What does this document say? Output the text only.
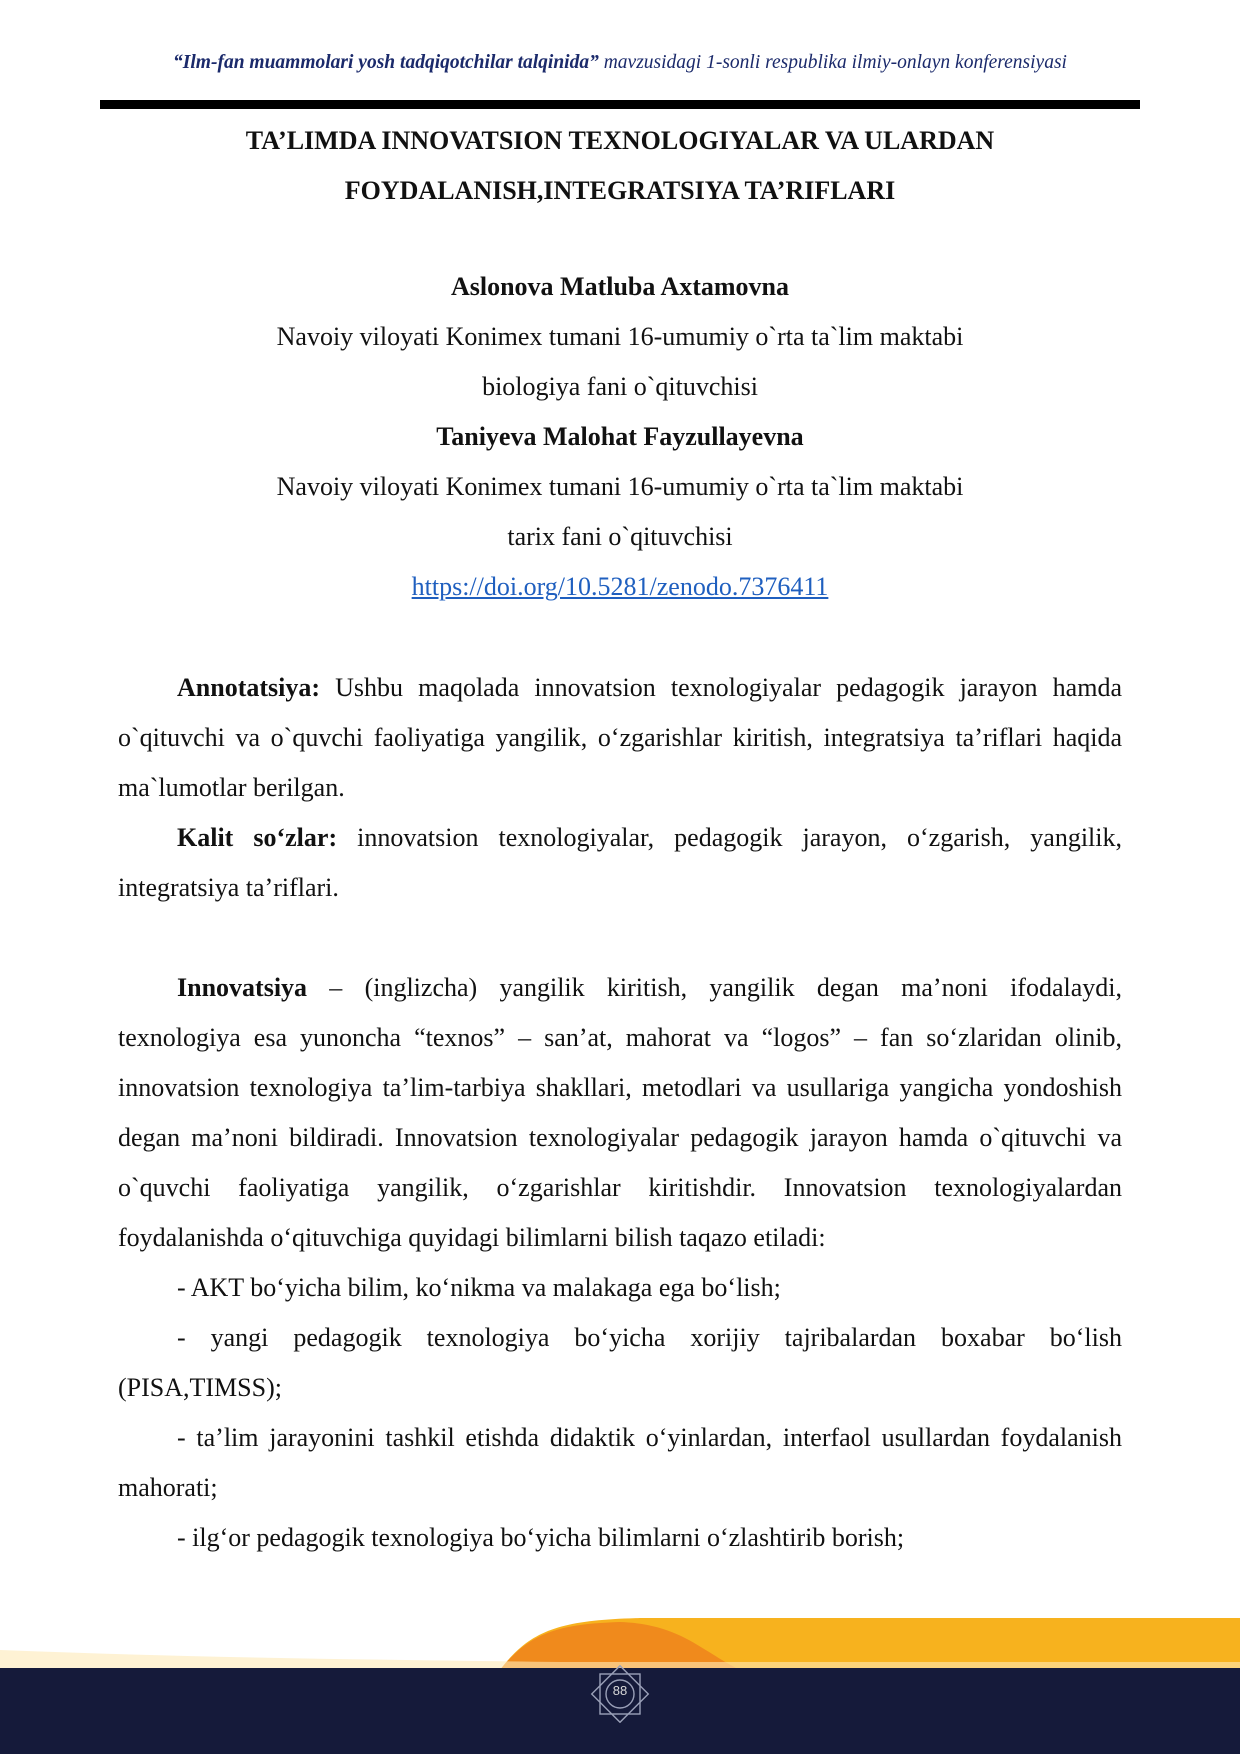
“Ilm-fan muammolari yosh tadqiqotchilar talqinida” mavzusidagi 1-sonli respublika ilmiy-onlayn konferensiyasi
TA’LIMDA INNOVATSION TEXNOLOGIYALAR VA ULARDAN
FOYDALANISH,INTEGRATSIYA TA’RIFLARI
Aslonova Matluba Axtamovna
Navoiy viloyati Konimex tumani 16-umumiy o`rta ta`lim maktabi
biologiya fani o`qituvchisi
Taniyeva Malohat Fayzullayevna
Navoiy viloyati Konimex tumani 16-umumiy o`rta ta`lim maktabi
tarix fani o`qituvchisi
https://doi.org/10.5281/zenodo.7376411

Annotatsiya: Ushbu maqolada innovatsion texnologiyalar pedagogik jarayon hamda o`qituvchi va o`quvchi faoliyatiga yangilik, o‘zgarishlar kiritish, integratsiya ta’riflari haqida ma`lumotlar berilgan.

Kalit so‘zlar: innovatsion texnologiyalar, pedagogik jarayon, o‘zgarish, yangilik, integratsiya ta’riflari.

Innovatsiya – (inglizcha) yangilik kiritish, yangilik degan ma’noni ifodalaydi, texnologiya esa yunoncha “texnos” – san’at, mahorat va “logos” – fan so‘zlaridan olinib, innovatsion texnologiya ta’lim-tarbiya shakllari, metodlari va usullariga yangicha yondoshish degan ma’noni bildiradi. Innovatsion texnologiyalar pedagogik jarayon hamda o`qituvchi va o`quvchi faoliyatiga yangilik, o‘zgarishlar kiritishdir. Innovatsion texnologiyalardan foydalanishda o‘qituvchiga quyidagi bilimlarni bilish taqazo etiladi:

- AKT bo‘yicha bilim, ko‘nikma va malakaga ega bo‘lish;

- yangi pedagogik texnologiya bo‘yicha xorijiy tajribalardan boxabar bo‘lish (PISA,TIMSS);

- ta’lim jarayonini tashkil etishda didaktik o‘yinlardan, interfaol usullardan foydalanish mahorati;

- ilg‘or pedagogik texnologiya bo‘yicha bilimlarni o‘zlashtirib borish;

88
